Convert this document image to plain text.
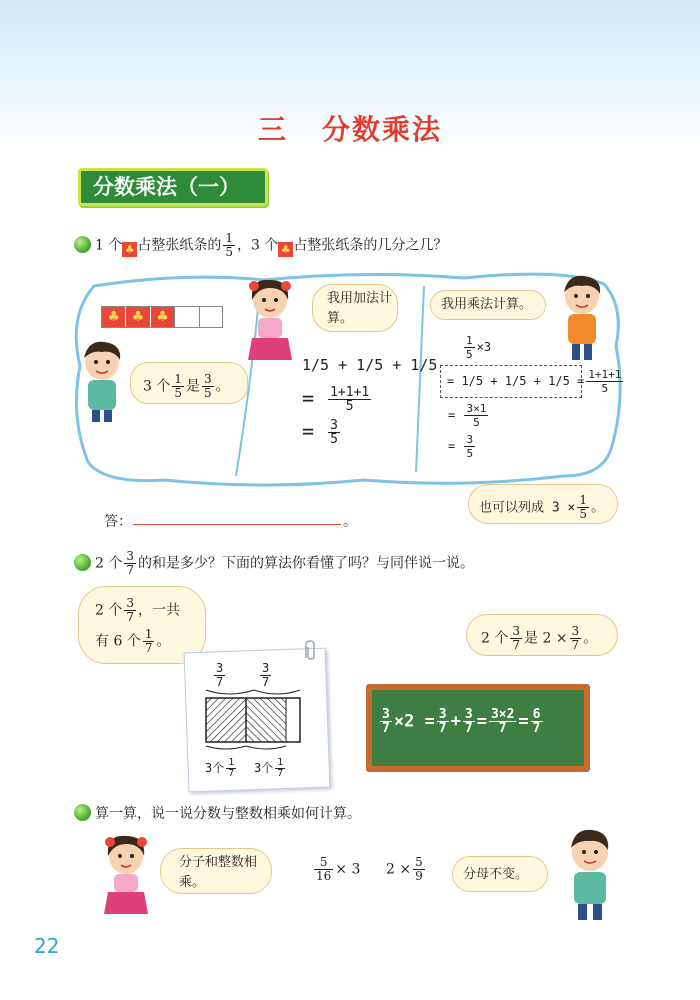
三 分数乘法
分数乘法（一）
1 个 ♣ 占整张纸条的 $\frac{1}{5}$ ，3 个 ♣ 占整张纸条的几分之几？
♣ ♣ ♣
3 个 $\frac{1}{5}$ 是 $\frac{3}{5}$ 。
我用加法计算。
1/5 + 1/5 + 1/5
= $\frac{1+1+1}{5}$
= $\frac{3}{5}$
我用乘法计算。
$\frac{1}{5} \times 3$
= $1/5 + 1/5 + 1/5 = \frac{1+1+1}{5}$
= $\frac{3\times 1}{5}$
= $\frac{3}{5}$
也可以列成 $3 \times \frac{1}{5}$ 。
答：	。
2 个 $\frac{3}{7}$ 的和是多少？下面的算法你看懂了吗？与同伴说一说。
2 个 $\frac{3}{7}$ ，一共
有 6 个 $\frac{1}{7}$ 。	2 个 $\frac{3}{7}$ 是 $2 \times \frac{3}{7}$ 。
$\frac{3}{7}$	$\frac{3}{7}$
3个 $\frac{1}{7} 3$个 $\frac{1}{7}$
$\frac{3}{7} \times 2 = \frac{3}{7} + \frac{3}{7} = \frac{3\times 2}{7} = \frac{6}{7}$
算一算，说一说分数与整数相乘如何计算。
分子和整数相乘。	$\frac{5}{16} \times 3$ $2 \times \frac{5}{9}$	分母不变。
22
